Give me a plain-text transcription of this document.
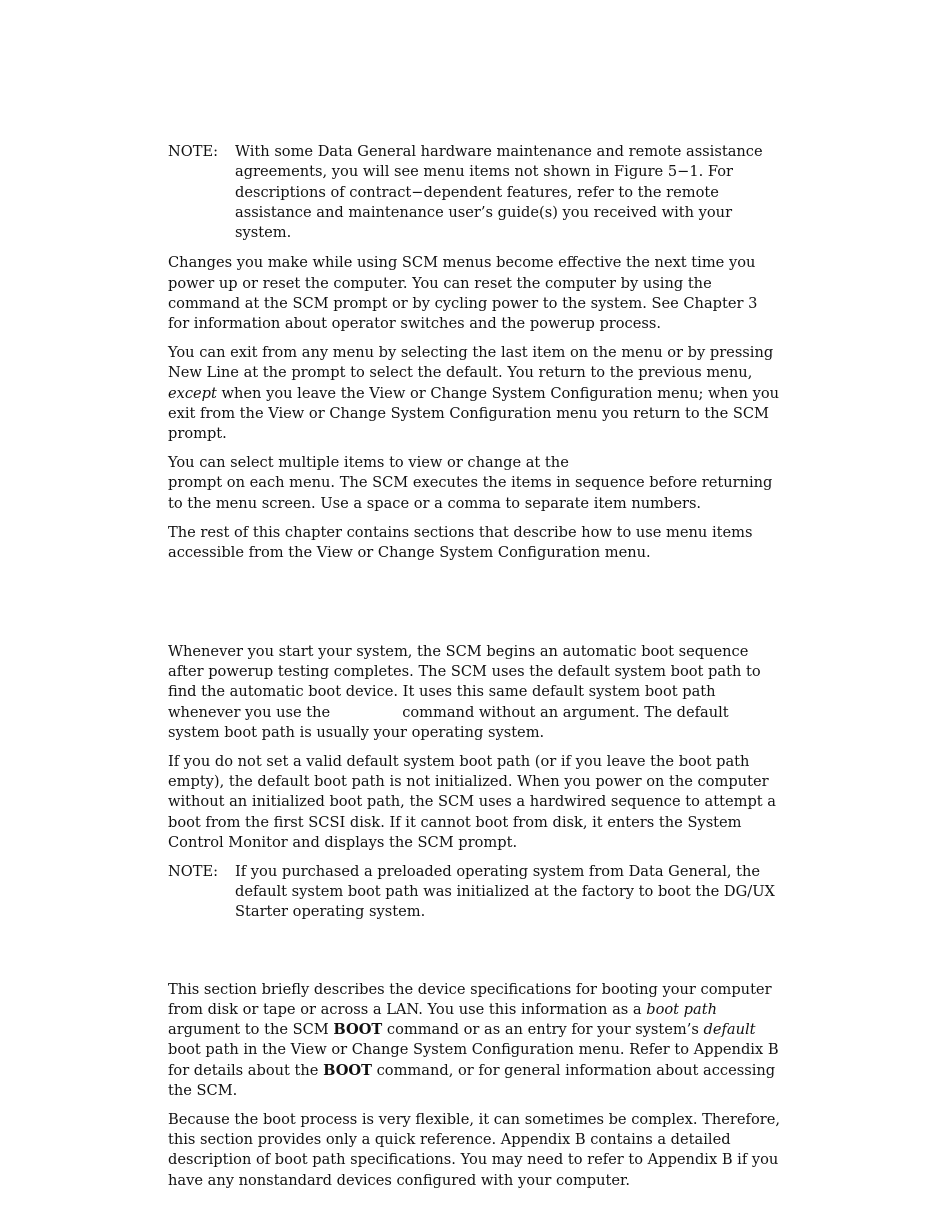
NOTE:	With some Data General hardware maintenance and remote assistance agreements, you will see menu items not shown in Figure 5−1. For descriptions of contract−dependent features, refer to the remote assistance and maintenance user’s guide(s) you received with your system.

Changes you make while using SCM menus become effective the next time you power up or reset the computer. You can reset the computer by using thecommand at the SCM prompt or by cycling power to the system. See Chapter 3 for information about operator switches and the powerup process.

You can exit from any menu by selecting the last item on the menu or by pressing New Line at the prompt to select the default. You return to the previous menu, except when you leave the View or Change System Configuration menu; when you exit from the View or Change System Configuration menu you return to the SCM prompt.

You can select multiple items to view or change at theprompt on each menu. The SCM executes the items in sequence before returning to the menu screen. Use a space or a comma to separate item numbers.

The rest of this chapter contains sections that describe how to use menu items accessible from the View or Change System Configuration menu.

Whenever you start your system, the SCM begins an automatic boot sequence after powerup testing completes. The SCM uses the default system boot path to find the automatic boot device. It uses this same default system boot path whenever you use the	command without an argument. The default system boot path is usually your operating system.

If you do not set a valid default system boot path (or if you leave the boot path empty), the default boot path is not initialized. When you power on the computer without an initialized boot path, the SCM uses a hardwired sequence to attempt a boot from the first SCSI disk. If it cannot boot from disk, it enters the System Control Monitor and displays the SCM prompt.

NOTE:	If you purchased a preloaded operating system from Data General, the default system boot path was initialized at the factory to boot the DG/UX Starter operating system.

This section briefly describes the device specifications for booting your computer from disk or tape or across a LAN. You use this information as a boot path argument to the SCM BOOT command or as an entry for your system’s default boot path in the View or Change System Configuration menu. Refer to Appendix B for details about the BOOT command, or for general information about accessing the SCM.

Because the boot process is very flexible, it can sometimes be complex. Therefore, this section provides only a quick reference. Appendix B contains a detailed description of boot path specifications. You may need to refer to Appendix B if you have any nonstandard devices configured with your computer.
